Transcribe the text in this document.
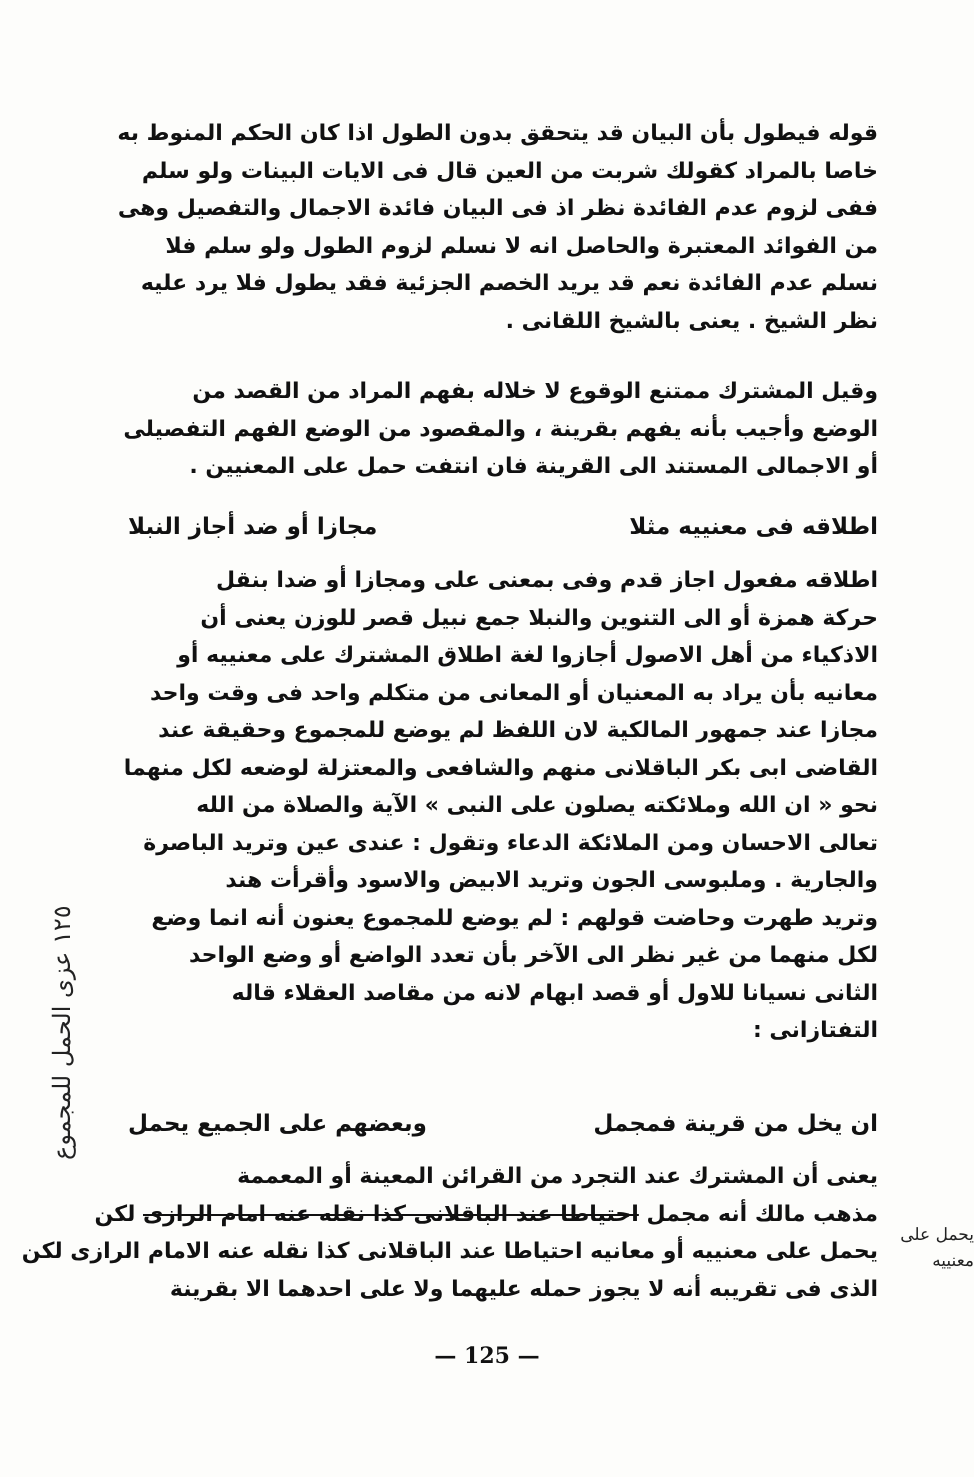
قوله فيطول بأن البيان قد يتحقق بدون الطول اذا كان الحكم المنوط به
خاصا بالمراد كقولك شربت من العين قال فى الايات البينات ولو سلم
ففى لزوم عدم الفائدة نظر اذ فى البيان فائدة الاجمال والتفصيل وهى
من الفوائد المعتبرة والحاصل انه لا نسلم لزوم الطول ولو سلم فلا
نسلم عدم الفائدة نعم قد يريد الخصم الجزئية فقد يطول فلا يرد عليه
نظر الشيخ . يعنى بالشيخ اللقانى .
وقيل المشترك ممتنع الوقوع لا خلاله بفهم المراد من القصد من
الوضع وأجيب بأنه يفهم بقرينة ، والمقصود من الوضع الفهم التفصيلى
أو الاجمالى المستند الى القرينة فان انتفت حمل على المعنيين .
اطلاقه فى معنييه مثلا
مجازا أو ضد أجاز النبلا
اطلاقه مفعول اجاز قدم وفى بمعنى على ومجازا أو ضدا بنقل
حركة همزة أو الى التنوين والنبلا جمع نبيل قصر للوزن يعنى أن
الاذكياء من أهل الاصول أجازوا لغة اطلاق المشترك على معنييه أو
معانيه بأن يراد به المعنيان أو المعانى من متكلم واحد فى وقت واحد
مجازا عند جمهور المالكية لان اللفظ لم يوضع للمجموع وحقيقة عند
القاضى ابى بكر الباقلانى منهم والشافعى والمعتزلة لوضعه لكل منهما
نحو « ان الله وملائكته يصلون على النبى » الآية والصلاة من الله
تعالى الاحسان ومن الملائكة الدعاء وتقول : عندى عين وتريد الباصرة
والجارية . وملبوسى الجون وتريد الابيض والاسود وأقرأت هند
وتريد طهرت وحاضت قولهم : لم يوضع للمجموع يعنون أنه انما وضع
لكل منهما من غير نظر الى الآخر بأن تعدد الواضع أو وضع الواحد
الثانى نسيانا للاول أو قصد ابهام لانه من مقاصد العقلاء قاله
التفتازانى :
ان يخل من قرينة فمجمل
وبعضهم على الجميع يحمل
يعنى أن المشترك عند التجرد من القرائن المعينة أو المعممة
مذهب مالك أنه مجمل احتياطا عند الباقلانى كذا نقله عنه امام الرازى لكن
يحمل على معنييه أو معانيه احتياطا عند الباقلانى كذا نقله عنه الامام الرازى لكن
الذى فى تقريبه أنه لا يجوز حمله عليهما ولا على احدهما الا بقرينة
١٢٥ عزى الحمل للمجموع
يحمل على معنييه
— 125 —
